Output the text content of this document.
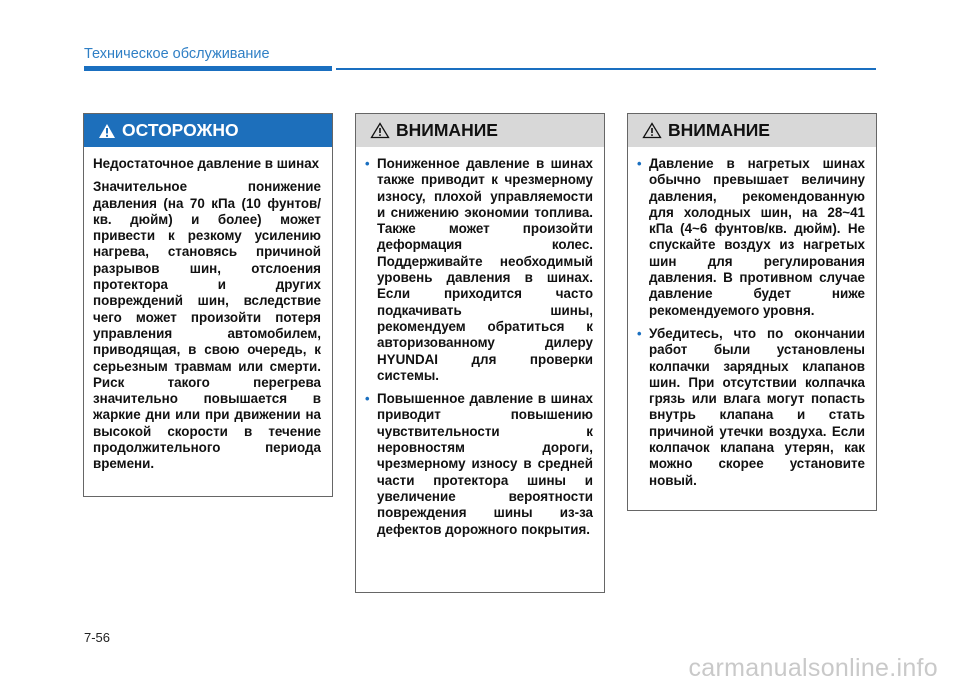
Техническое обслуживание
ОСТОРОЖНО

Недостаточное давление в шинах

Значительное понижение давления (на 70 кПа (10 фунтов/кв. дюйм) и более) может привести к резкому усилению нагрева, становясь причиной разрывов шин, отслоения протектора и других повреждений шин, вследствие чего может произойти потеря управления автомобилем, приводящая, в свою очередь, к серьезным травмам или смерти. Риск такого перегрева значительно повышается в жаркие дни или при движении на высокой скорости в течение продолжительного периода времени.

ВНИМАНИЕ
• Пониженное давление в шинах также приводит к чрезмерному износу, плохой управляемости и снижению экономии топлива. Также может произойти деформация колес. Поддерживайте необходимый уровень давления в шинах. Если приходится часто подкачивать шины, рекомендуем обратиться к авторизованному дилеру HYUNDAI для проверки системы.
• Повышенное давление в шинах приводит повышению чувствительности к неровностям дороги, чрезмерному износу в средней части протектора шины и увеличение вероятности повреждения шины из-за дефектов дорожного покрытия.
ВНИМАНИЕ
• Давление в нагретых шинах обычно превышает величину давления, рекомендованную для холодных шин, на 28~41 кПа (4~6 фунтов/кв. дюйм). Не спускайте воздух из нагретых шин для регулирования давления. В противном случае давление будет ниже рекомендуемого уровня.
• Убедитесь, что по окончании работ были установлены колпачки зарядных клапанов шин. При отсутствии колпачка грязь или влага могут попасть внутрь клапана и стать причиной утечки воздуха. Если колпачок клапана утерян, как можно скорее установите новый.
7-56
carmanualsonline.info
